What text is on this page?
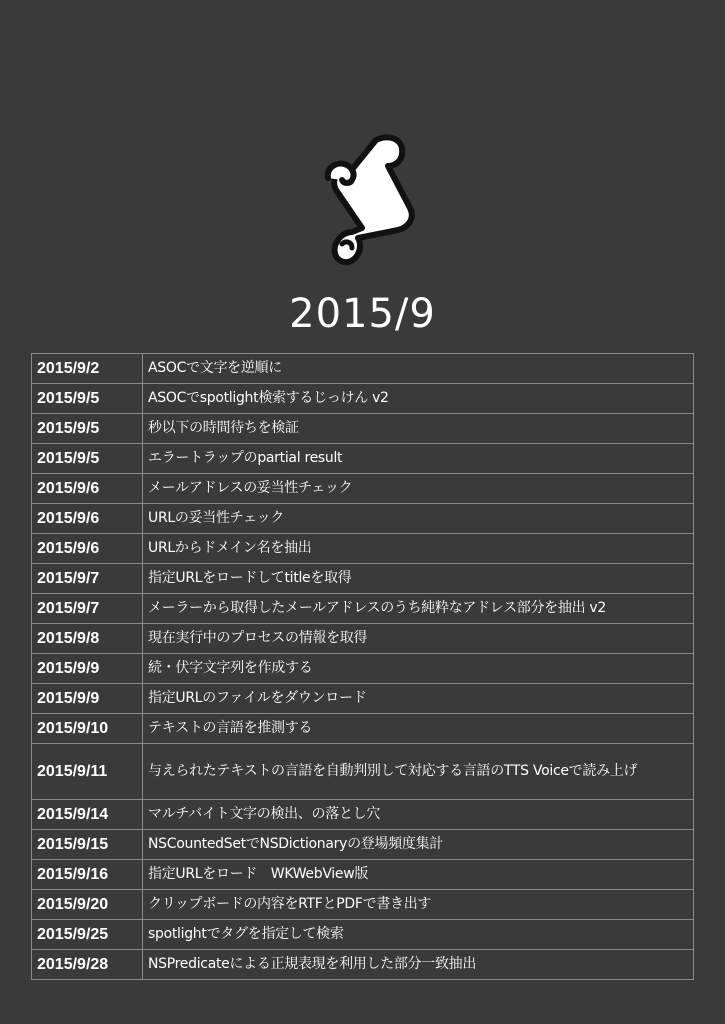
2015/9
2015/9/2	ASOCで文字を逆順に
2015/9/5	ASOCでspotlight検索するじっけん v2
2015/9/5	秒以下の時間待ちを検証
2015/9/5	エラートラップのpartial result
2015/9/6	メールアドレスの妥当性チェック
2015/9/6	URLの妥当性チェック
2015/9/6	URLからドメイン名を抽出
2015/9/7	指定URLをロードしてtitleを取得
2015/9/7	メーラーから取得したメールアドレスのうち純粋なアドレス部分を抽出 v2
2015/9/8	現在実行中のプロセスの情報を取得
2015/9/9	続・伏字文字列を作成する
2015/9/9	指定URLのファイルをダウンロード
2015/9/10	テキストの言語を推測する
2015/9/11	与えられたテキストの言語を自動判別して対応する言語のTTS Voiceで読み上げ
2015/9/14	マルチバイト文字の検出、の落とし穴
2015/9/15	NSCountedSetでNSDictionaryの登場頻度集計
2015/9/16	指定URLをロード　WKWebView版
2015/9/20	クリップボードの内容をRTFとPDFで書き出す
2015/9/25	spotlightでタグを指定して検索
2015/9/28	NSPredicateによる正規表現を利用した部分一致抽出
